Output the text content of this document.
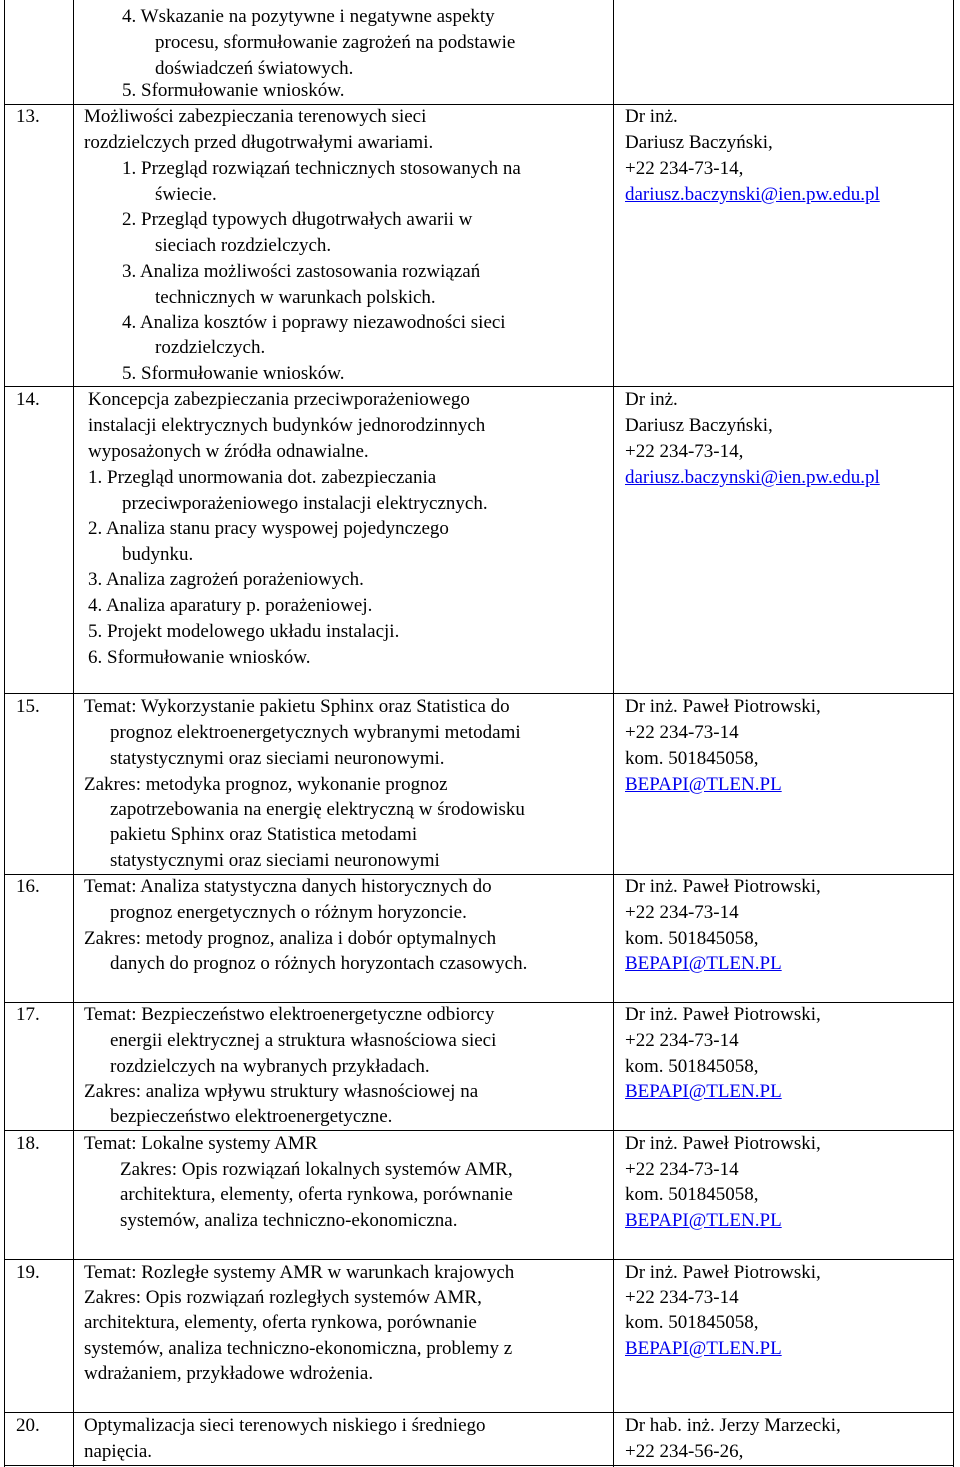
4. Wskazanie na pozytywne i negatywne aspekty
procesu, sformułowanie zagrożeń na podstawie
doświadczeń światowych.
5. Sformułowanie wniosków.
13. Możliwości zabezpieczania terenowych sieci
rozdzielczych przed długotrwałymi awariami.
1. Przegląd rozwiązań technicznych stosowanych na
świecie.
2. Przegląd typowych długotrwałych awarii w
sieciach rozdzielczych.
3. Analiza możliwości zastosowania rozwiązań
technicznych w warunkach polskich.
4. Analiza kosztów i poprawy niezawodności sieci
rozdzielczych.
5. Sformułowanie wniosków.
Dr inż.
Dariusz Baczyński,
+22 234-73-14,
dariusz.baczynski@ien.pw.edu.pl
14.	Koncepcja zabezpieczania przeciwporażeniowego
instalacji elektrycznych budynków jednorodzinnych
wyposażonych w źródła odnawialne.
1. Przegląd unormowania dot. zabezpieczania
przeciwporażeniowego instalacji elektrycznych.
2. Analiza stanu pracy wyspowej pojedynczego
budynku.
3. Analiza zagrożeń porażeniowych.
4. Analiza aparatury p. porażeniowej.
5. Projekt modelowego układu instalacji.
6. Sformułowanie wniosków.
Dr inż.
Dariusz Baczyński,
+22 234-73-14,
dariusz.baczynski@ien.pw.edu.pl
15. Temat: Wykorzystanie pakietu Sphinx oraz Statistica do
prognoz elektroenergetycznych wybranymi metodami
statystycznymi oraz sieciami neuronowymi.
Zakres: metodyka prognoz, wykonanie prognoz
zapotrzebowania na energię elektryczną w środowisku
pakietu Sphinx oraz Statistica metodami
statystycznymi oraz sieciami neuronowymi
Dr inż. Paweł Piotrowski,
+22 234-73-14
kom. 501845058,
BEPAPI@TLEN.PL
16. Temat: Analiza statystyczna danych historycznych do
prognoz energetycznych o różnym horyzoncie.
Zakres: metody prognoz, analiza i dobór optymalnych
danych do prognoz o różnych horyzontach czasowych.
Dr inż. Paweł Piotrowski,
+22 234-73-14
kom. 501845058,
BEPAPI@TLEN.PL
17. Temat: Bezpieczeństwo elektroenergetyczne odbiorcy
energii elektrycznej a struktura własnościowa sieci
rozdzielczych na wybranych przykładach.
Zakres: analiza wpływu struktury własnościowej na
bezpieczeństwo elektroenergetyczne.
Dr inż. Paweł Piotrowski,
+22 234-73-14
kom. 501845058,
BEPAPI@TLEN.PL
18. Temat: Lokalne systemy AMR
Zakres: Opis rozwiązań lokalnych systemów AMR,
architektura, elementy, oferta rynkowa, porównanie
systemów, analiza techniczno-ekonomiczna.
Dr inż. Paweł Piotrowski,
+22 234-73-14
kom. 501845058,
BEPAPI@TLEN.PL
19. Temat: Rozległe systemy AMR w warunkach krajowych
Zakres: Opis rozwiązań rozległych systemów AMR,
architektura, elementy, oferta rynkowa, porównanie
systemów, analiza techniczno-ekonomiczna, problemy z
wdrażaniem, przykładowe wdrożenia.
Dr inż. Paweł Piotrowski,
+22 234-73-14
kom. 501845058,
BEPAPI@TLEN.PL
20. Optymalizacja sieci terenowych niskiego i średniego
napięcia.
Dr hab. inż. Jerzy Marzecki,
+22 234-56-26,
